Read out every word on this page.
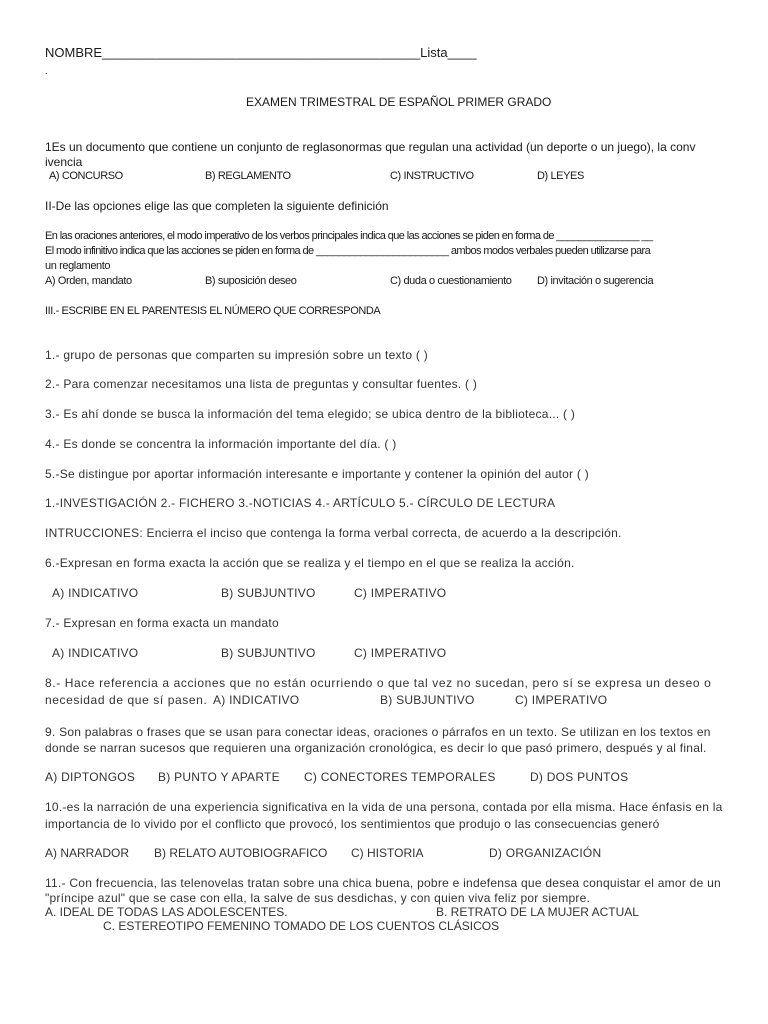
NOMBRE____________________________________________Lista____
.
EXAMEN TRIMESTRAL DE ESPAÑOL PRIMER GRADO
1Es un documento que contiene un conjunto de reglasonormas que regulan una actividad (un deporte o un juego), la conv
ivencia
A) CONCURSO	B) REGLAMENTO	C) INSTRUCTIVO	D) LEYES
II-De las opciones elige las que completen la siguiente definición
En las oraciones anteriores, el modo imperativo de los verbos principales indica que las acciones se piden en forma de _______________ __
El modo infinitivo indica que las acciones se piden en forma de ________________________ ambos modos verbales pueden utilizarse para
un reglamento
A) Orden, mandato	B) suposición deseo	C) duda o cuestionamiento D) invitación o sugerencia
III.- ESCRIBE EN EL PARENTESIS EL NÚMERO QUE CORRESPONDA
1.- grupo de personas que comparten su impresión sobre un texto ( )
2.- Para comenzar necesitamos una lista de preguntas y consultar fuentes. ( )
3.- Es ahí donde se busca la información del tema elegido; se ubica dentro de la biblioteca... ( )
4.- Es donde se concentra la información importante del día. ( )
5.-Se distingue por aportar información interesante e importante y contener la opinión del autor ( )
1.-INVESTIGACIÓN 2.- FICHERO 3.-NOTICIAS 4.- ARTÍCULO 5.- CÍRCULO DE LECTURA
INTRUCCIONES: Encierra el inciso que contenga la forma verbal correcta, de acuerdo a la descripción.
6.-Expresan en forma exacta la acción que se realiza y el tiempo en el que se realiza la acción.
A) INDICATIVO	B) SUBJUNTIVO	C) IMPERATIVO
7.- Expresan en forma exacta un mandato
A) INDICATIVO	B) SUBJUNTIVO	C) IMPERATIVO
8.- Hace referencia a acciones que no están ocurriendo o que tal vez no sucedan, pero sí se expresa un deseo o
necesidad de que sí pasen. A) INDICATIVO	B) SUBJUNTIVO	C) IMPERATIVO
9. Son palabras o frases que se usan para conectar ideas, oraciones o párrafos en un texto. Se utilizan en los textos en
donde se narran sucesos que requieren una organización cronológica, es decir lo que pasó primero, después y al final.
A) DIPTONGOS B) PUNTO Y APARTE C) CONECTORES TEMPORALES	D) DOS PUNTOS
10.-es la narración de una experiencia significativa en la vida de una persona, contada por ella misma. Hace énfasis en la
importancia de lo vivido por el conflicto que provocó, los sentimientos que produjo o las consecuencias generó
A) NARRADOR B) RELATO AUTOBIOGRAFICO C) HISTORIA	D) ORGANIZACIÓN
11.- Con frecuencia, las telenovelas tratan sobre una chica buena, pobre e indefensa que desea conquistar el amor de un
"príncipe azul" que se case con ella, la salve de sus desdichas, y con quien viva feliz por siempre.
A. IDEAL DE TODAS LAS ADOLESCENTES.	B. RETRATO DE LA MUJER ACTUAL
C. ESTEREOTIPO FEMENINO TOMADO DE LOS CUENTOS CLÁSICOS
